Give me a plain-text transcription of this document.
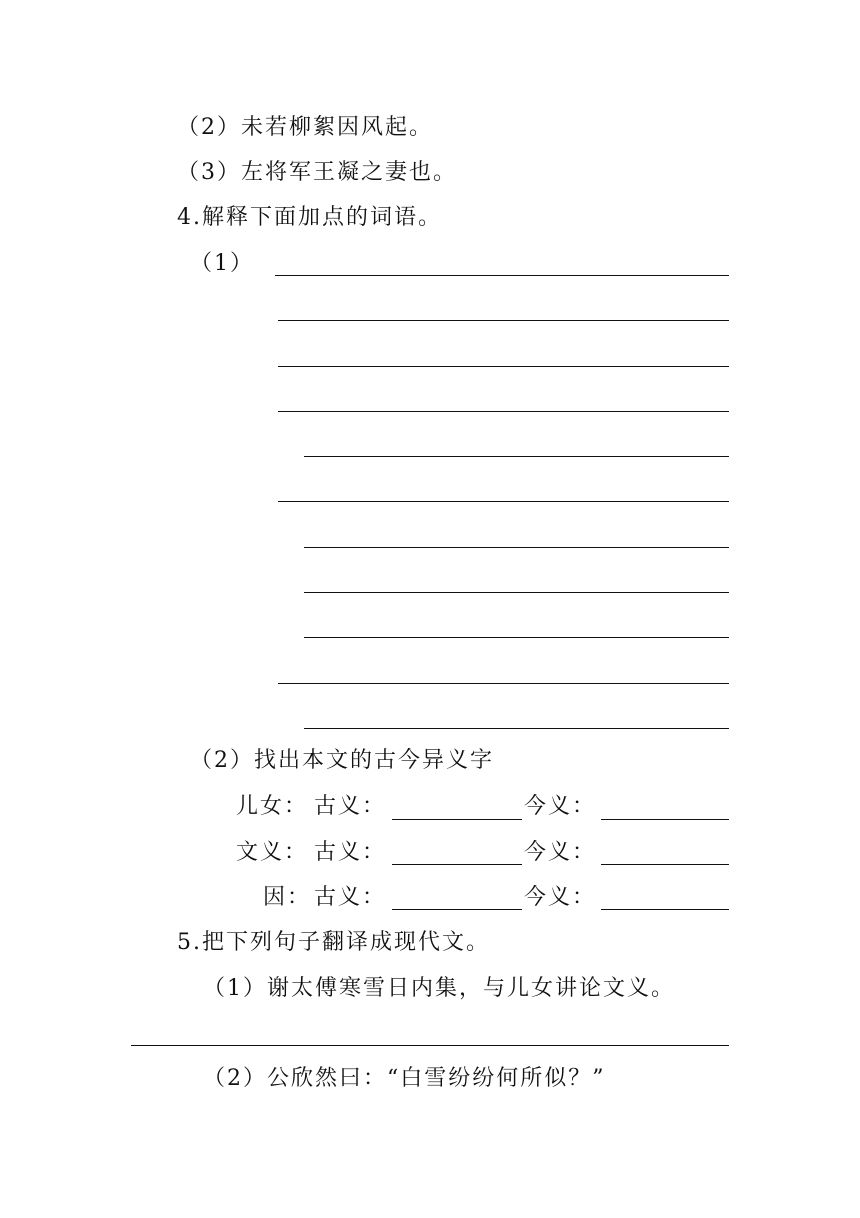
（2）未若柳絮因风起。
（3）左将军王凝之妻也。
4.解释下面加点的词语。
（1）
（2）找出本文的古今异义字
儿女： 古义：	今义：
文义： 古义：	今义：
因： 古义：	今义：
5.把下列句子翻译成现代文。
（1）谢太傅寒雪日内集，与儿女讲论文义。
（2）公欣然曰：“白雪纷纷何所似？”
